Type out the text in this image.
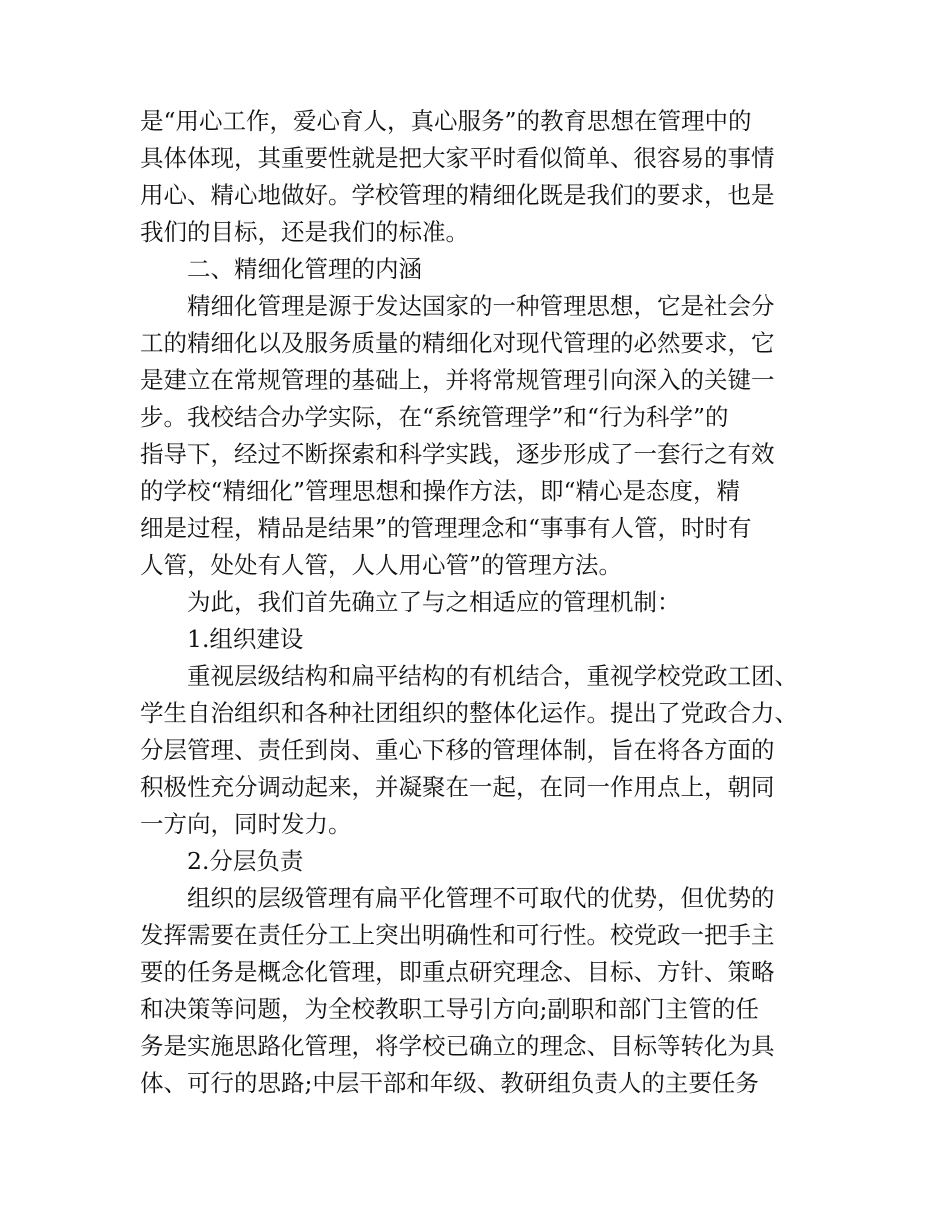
是“用心工作，爱心育人，真心服务”的教育思想在管理中的
具体体现，其重要性就是把大家平时看似简单、很容易的事情
用心、精心地做好。学校管理的精细化既是我们的要求，也是
我们的目标，还是我们的标准。
二、精细化管理的内涵
精细化管理是源于发达国家的一种管理思想，它是社会分
工的精细化以及服务质量的精细化对现代管理的必然要求，它
是建立在常规管理的基础上，并将常规管理引向深入的关键一
步。我校结合办学实际，在“系统管理学”和“行为科学”的
指导下，经过不断探索和科学实践，逐步形成了一套行之有效
的学校“精细化”管理思想和操作方法，即“精心是态度，精
细是过程，精品是结果”的管理理念和“事事有人管，时时有
人管，处处有人管，人人用心管”的管理方法。
为此，我们首先确立了与之相适应的管理机制：
1.组织建设
重视层级结构和扁平结构的有机结合，重视学校党政工团、
学生自治组织和各种社团组织的整体化运作。提出了党政合力、
分层管理、责任到岗、重心下移的管理体制，旨在将各方面的
积极性充分调动起来，并凝聚在一起，在同一作用点上，朝同
一方向，同时发力。
2.分层负责
组织的层级管理有扁平化管理不可取代的优势，但优势的
发挥需要在责任分工上突出明确性和可行性。校党政一把手主
要的任务是概念化管理，即重点研究理念、目标、方针、策略
和决策等问题，为全校教职工导引方向;副职和部门主管的任
务是实施思路化管理，将学校已确立的理念、目标等转化为具
体、可行的思路;中层干部和年级、教研组负责人的主要任务
